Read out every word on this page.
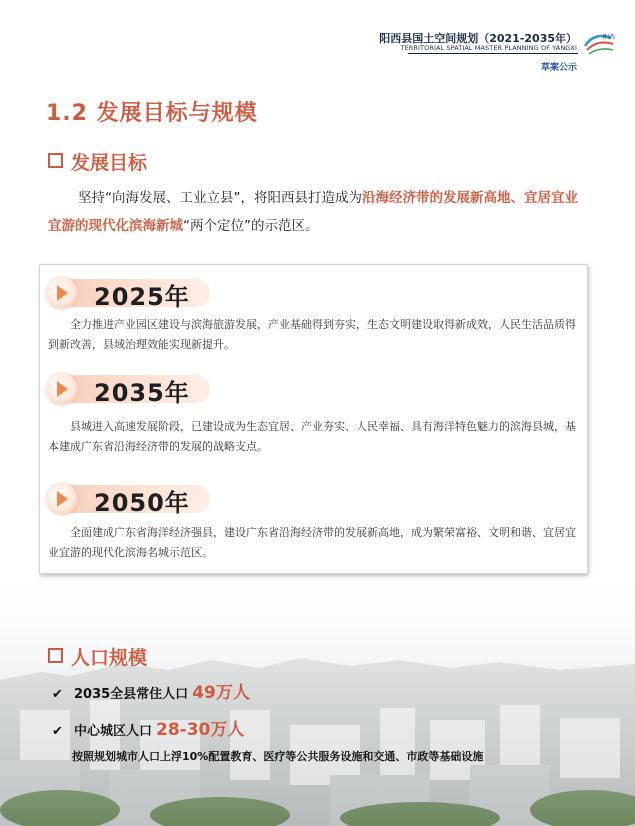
阳西县国土空间规划（2021-2035年）
TERRITORIAL SPATIAL MASTER PLANNING OF YANGXI
阳西
草案公示
1.2 发展目标与规模
发展目标
坚持“向海发展、工业立县”，将阳西县打造成为沿海经济带的发展新高地、宜居宜业宜游的现代化滨海新城“两个定位”的示范区。
2025年
全力推进产业园区建设与滨海旅游发展，产业基础得到夯实，生态文明建设取得新成效，人民生活品质得到新改善，县域治理效能实现新提升。
2035年
县城进入高速发展阶段，已建设成为生态宜居、产业夯实、人民幸福、具有海洋特色魅力的滨海县城，基本建成广东省沿海经济带的发展的战略支点。
2050年
全面建成广东省海洋经济强县，建设广东省沿海经济带的发展新高地，成为繁荣富裕、文明和谐、宜居宜业宜游的现代化滨海名城示范区。
人口规模
✔ 2035全县常住人口 49万人
✔ 中心城区人口 28-30万人
按照规划城市人口上浮10%配置教育、医疗等公共服务设施和交通、市政等基础设施
